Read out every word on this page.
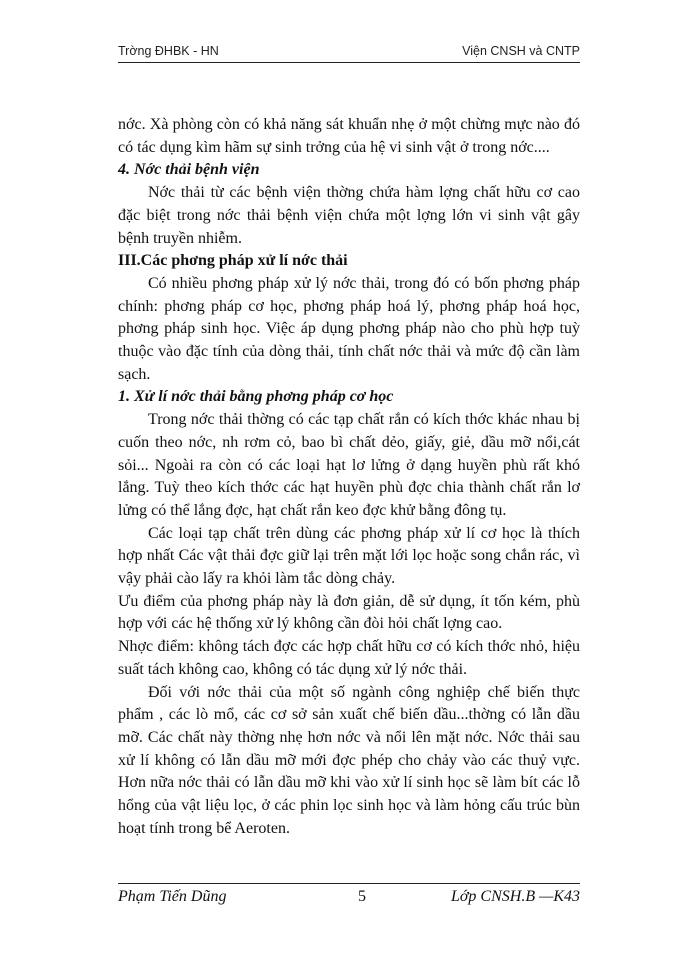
Trờng ĐHBK - HN	Viện CNSH và CNTP

nớc. Xà phòng còn có khả năng sát khuẩn nhẹ ở một chừng mực nào đó có tác dụng kìm hãm sự sinh trởng của hệ vi sinh vật ở trong nớc....

4. Nớc thải bệnh viện

Nớc thải từ các bệnh viện thờng chứa hàm lợng chất hữu cơ cao đặc biệt trong nớc thải bệnh viện chứa một lợng lớn vi sinh vật gây bệnh truyền nhiễm.

III.Các phơng pháp xử lí nớc thải

Có nhiều phơng pháp xử lý nớc thải, trong đó có bốn phơng pháp chính: phơng pháp cơ học, phơng pháp hoá lý, phơng pháp hoá học, phơng pháp sinh học. Việc áp dụng phơng pháp nào cho phù hợp tuỳ thuộc vào đặc tính của dòng thải, tính chất nớc thải và mức độ cần làm sạch.

1. Xử lí nớc thải bằng phơng pháp cơ học

Trong nớc thải thờng có các tạp chất rắn có kích thớc khác nhau bị cuốn theo nớc, nh rơm cỏ, bao bì chất dẻo, giấy, giẻ, dầu mỡ nổi,cát sỏi... Ngoài ra còn có các loại hạt lơ lửng ở dạng huyền phù rất khó lắng. Tuỳ theo kích thớc các hạt huyền phù đợc chia thành chất rắn lơ lửng có thể lắng đợc, hạt chất rắn keo đợc khử bằng đông tụ.

Các loại tạp chất trên dùng các phơng pháp xử lí cơ học là thích hợp nhất Các vật thải đợc giữ lại trên mặt lới lọc hoặc song chắn rác, vì vậy phải cào lấy ra khỏi làm tắc dòng chảy.

Ưu điểm của phơng pháp này là đơn giản, dễ sử dụng, ít tốn kém, phù hợp với các hệ thống xử lý không cần đòi hỏi chất lợng cao.

Nhợc điểm: không tách đợc các hợp chất hữu cơ có kích thớc nhỏ, hiệu suất tách không cao, không có tác dụng xử lý nớc thải.

Đối với nớc thải của một số ngành công nghiệp chế biến thực phẩm , các lò mổ, các cơ sở sản xuất chế biến dầu...thờng có lẫn dầu mỡ. Các chất này thờng nhẹ hơn nớc và nổi lên mặt nớc. Nớc thải sau xử lí không có lẫn dầu mỡ mới đợc phép cho chảy vào các thuỷ vực. Hơn nữa nớc thải có lẫn dầu mỡ khi vào xử lí sinh học sẽ làm bít các lỗ hổng của vật liệu lọc, ở các phin lọc sinh học và làm hỏng cấu trúc bùn hoạt tính trong bể Aeroten.

Phạm Tiến Dũng	5	Lớp CNSH.B —K43
